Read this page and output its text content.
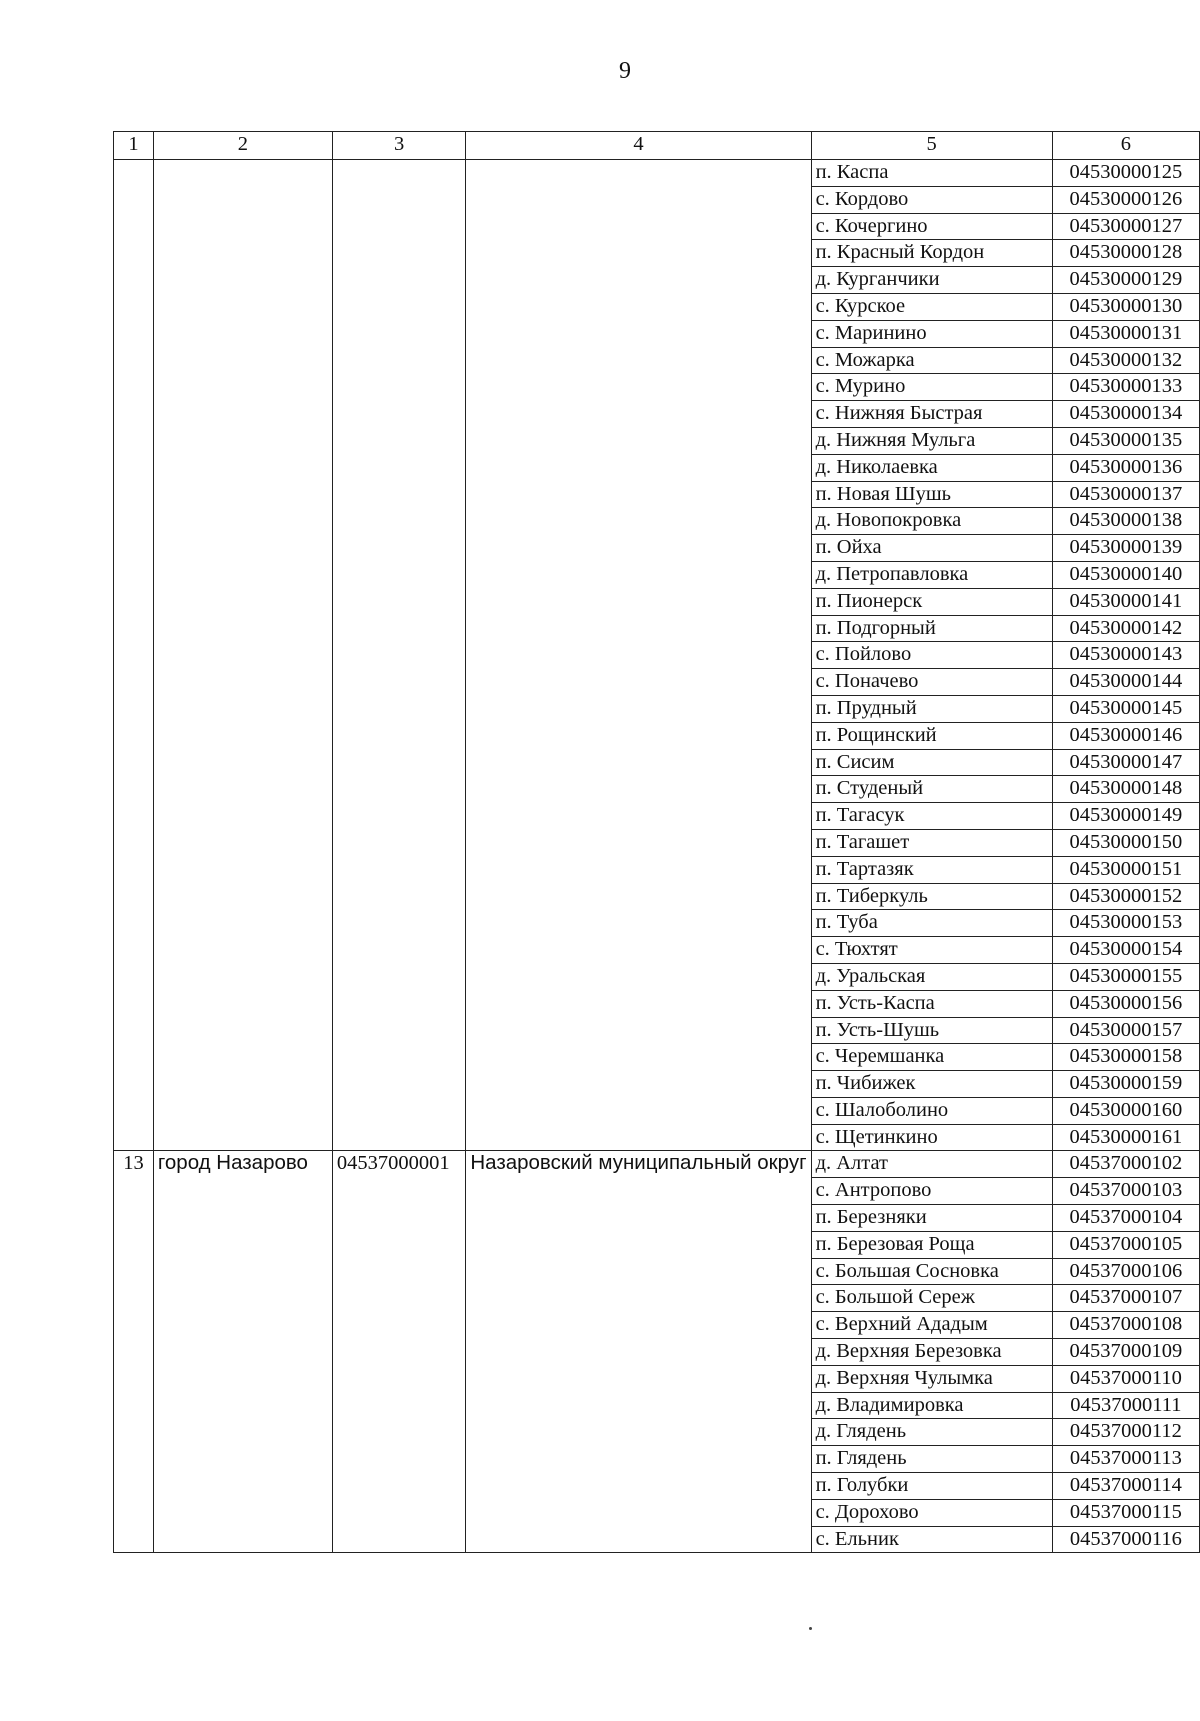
9
1	2	3	4	5	6
				п. Каспа	04530000125
				с. Кордово	04530000126
				с. Кочергино	04530000127
				п. Красный Кордон	04530000128
				д. Курганчики	04530000129
				с. Курское	04530000130
				с. Маринино	04530000131
				с. Можарка	04530000132
				с. Мурино	04530000133
				с. Нижняя Быстрая	04530000134
				д. Нижняя Мульга	04530000135
				д. Николаевка	04530000136
				п. Новая Шушь	04530000137
				д. Новопокровка	04530000138
				п. Ойха	04530000139
				д. Петропавловка	04530000140
				п. Пионерск	04530000141
				п. Подгорный	04530000142
				с. Пойлово	04530000143
				с. Поначево	04530000144
				п. Прудный	04530000145
				п. Рощинский	04530000146
				п. Сисим	04530000147
				п. Студеный	04530000148
				п. Тагасук	04530000149
				п. Тагашет	04530000150
				п. Тартазяк	04530000151
				п. Тиберкуль	04530000152
				п. Туба	04530000153
				с. Тюхтят	04530000154
				д. Уральская	04530000155
				п. Усть-Каспа	04530000156
				п. Усть-Шушь	04530000157
				с. Черемшанка	04530000158
				п. Чибижек	04530000159
				с. Шалоболино	04530000160
				с. Щетинкино	04530000161
13	город Назарово	04537000001	Назаровский муниципальный округ	д. Алтат	04537000102
				с. Антропово	04537000103
				п. Березняки	04537000104
				п. Березовая Роща	04537000105
				с. Большая Сосновка	04537000106
				с. Большой Сереж	04537000107
				с. Верхний Ададым	04537000108
				д. Верхняя Березовка	04537000109
				д. Верхняя Чулымка	04537000110
				д. Владимировка	04537000111
				д. Глядень	04537000112
				п. Глядень	04537000113
				п. Голубки	04537000114
				с. Дорохово	04537000115
				с. Ельник	04537000116
